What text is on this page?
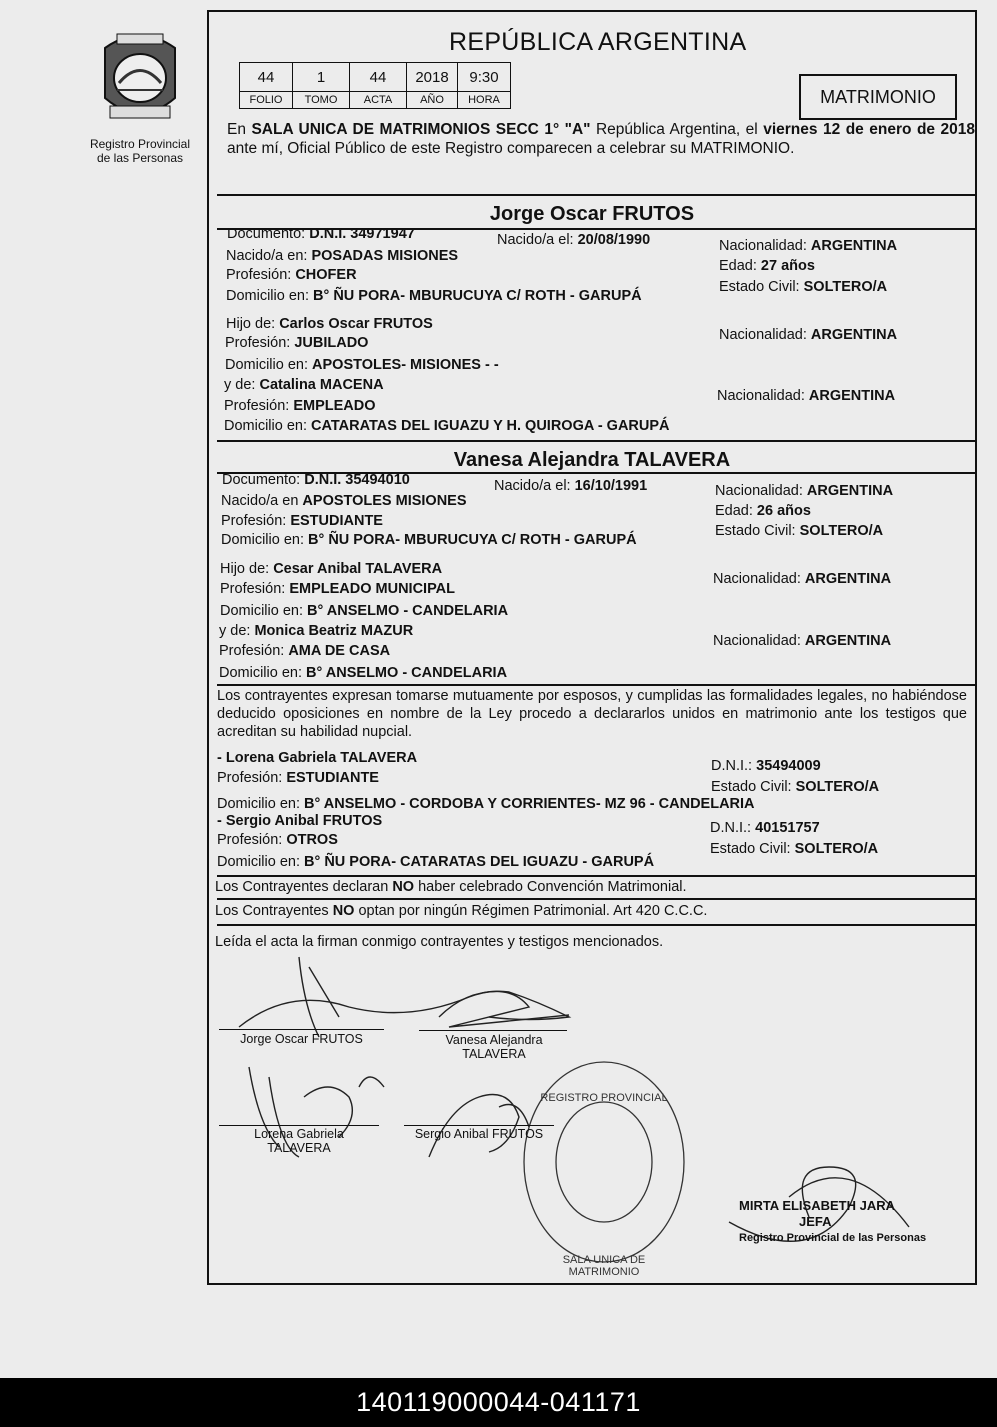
Registro Provincial
de las Personas
REPÚBLICA ARGENTINA
44	1	44	2018	9:30
FOLIO	TOMO	ACTA	AÑO	HORA	MATRIMONIO
En SALA UNICA DE MATRIMONIOS SECC 1° "A" República Argentina, el viernes 12 de enero de 2018 ante mí, Oficial Público de este Registro comparecen a celebrar su MATRIMONIO.
Jorge Oscar FRUTOS
Documento: D.N.I. 34971947	Nacido/a el: 20/08/1990	Nacionalidad: ARGENTINA
Nacido/a en: POSADAS MISIONES
Edad: 27 años
Profesión: CHOFER
Estado Civil: SOLTERO/A
Domicilio en: B° ÑU PORA- MBURUCUYA C/ ROTH - GARUPÁ
Hijo de: Carlos Oscar FRUTOS
Nacionalidad: ARGENTINA
Profesión: JUBILADO
Domicilio en: APOSTOLES- MISIONES - -
y de: Catalina MACENA
Nacionalidad: ARGENTINA
Profesión: EMPLEADO
Domicilio en: CATARATAS DEL IGUAZU Y H. QUIROGA - GARUPÁ
Vanesa Alejandra TALAVERA
Documento: D.N.I. 35494010	Nacido/a el: 16/10/1991	Nacionalidad: ARGENTINA
Nacido/a en APOSTOLES MISIONES
Edad: 26 años
Profesión: ESTUDIANTE
Estado Civil: SOLTERO/A
Domicilio en: B° ÑU PORA- MBURUCUYA C/ ROTH - GARUPÁ
Hijo de: Cesar Anibal TALAVERA
Nacionalidad: ARGENTINA
Profesión: EMPLEADO MUNICIPAL
Domicilio en: B° ANSELMO - CANDELARIA
y de: Monica Beatriz MAZUR
Nacionalidad: ARGENTINA
Profesión: AMA DE CASA
Domicilio en: B° ANSELMO - CANDELARIA
Los contrayentes expresan tomarse mutuamente por esposos, y cumplidas las formalidades legales, no habiéndose deducido oposiciones en nombre de la Ley procedo a declararlos unidos en matrimonio ante los testigos que acreditan su habilidad nupcial.
- Lorena Gabriela TALAVERA	D.N.I.: 35494009
Profesión: ESTUDIANTE
Estado Civil: SOLTERO/A
Domicilio en: B° ANSELMO - CORDOBA Y CORRIENTES- MZ 96 - CANDELARIA
- Sergio Anibal FRUTOS	D.N.I.: 40151757
Profesión: OTROS
Estado Civil: SOLTERO/A
Domicilio en: B° ÑU PORA- CATARATAS DEL IGUAZU - GARUPÁ
Los Contrayentes declaran NO haber celebrado Convención Matrimonial.
Los Contrayentes NO optan por ningún Régimen Patrimonial. Art 420 C.C.C.
Leída el acta la firman conmigo contrayentes y testigos mencionados.
Jorge Oscar FRUTOS	Vanesa Alejandra
TALAVERA
Lorena Gabriela
TALAVERA
Sergio Anibal FRUTOS
REGISTRO PROVINCIAL
SALA UNICA DE MATRIMONIO
MIRTA ELISABETH JARA
JEFA
Registro Provincial de las Personas
140119000044-041171
